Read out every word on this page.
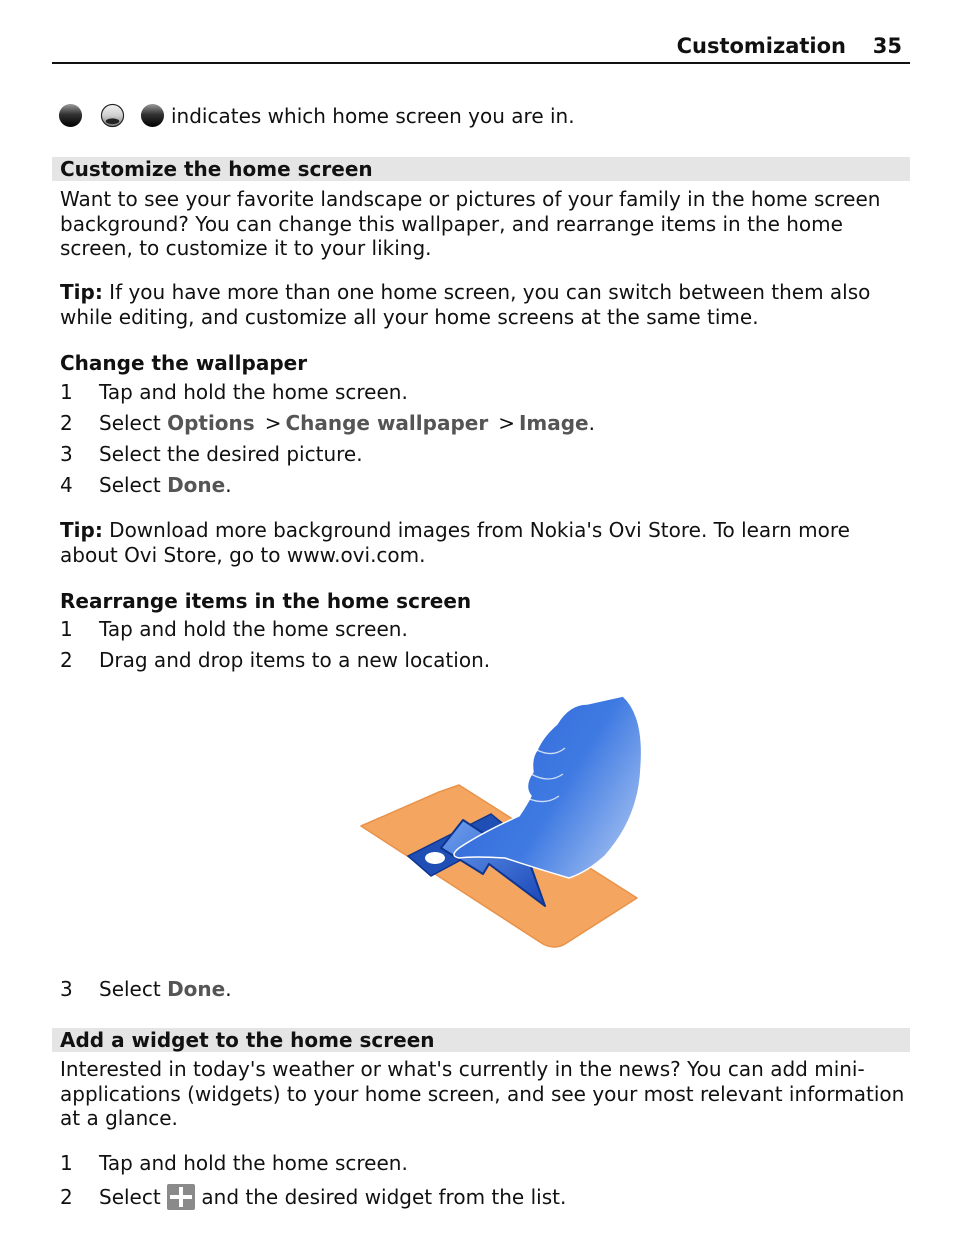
Customization 35
indicates which home screen you are in.
Customize the home screen
Want to see your favorite landscape or pictures of your family in the home screen background? You can change this wallpaper, and rearrange items in the home screen, to customize it to your liking.
Tip: If you have more than one home screen, you can switch between them also while editing, and customize all your home screens at the same time.
Change the wallpaper
1 Tap and hold the home screen.
2 Select Options > Change wallpaper > Image.
3 Select the desired picture.
4 Select Done.
Tip: Download more background images from Nokia's Ovi Store. To learn more about Ovi Store, go to www.ovi.com.
Rearrange items in the home screen
1 Tap and hold the home screen.
2 Drag and drop items to a new location.
3 Select Done.
Add a widget to the home screen
Interested in today's weather or what's currently in the news? You can add mini-applications (widgets) to your home screen, and see your most relevant information at a glance.
1 Tap and hold the home screen.
2 Select  and the desired widget from the list.
